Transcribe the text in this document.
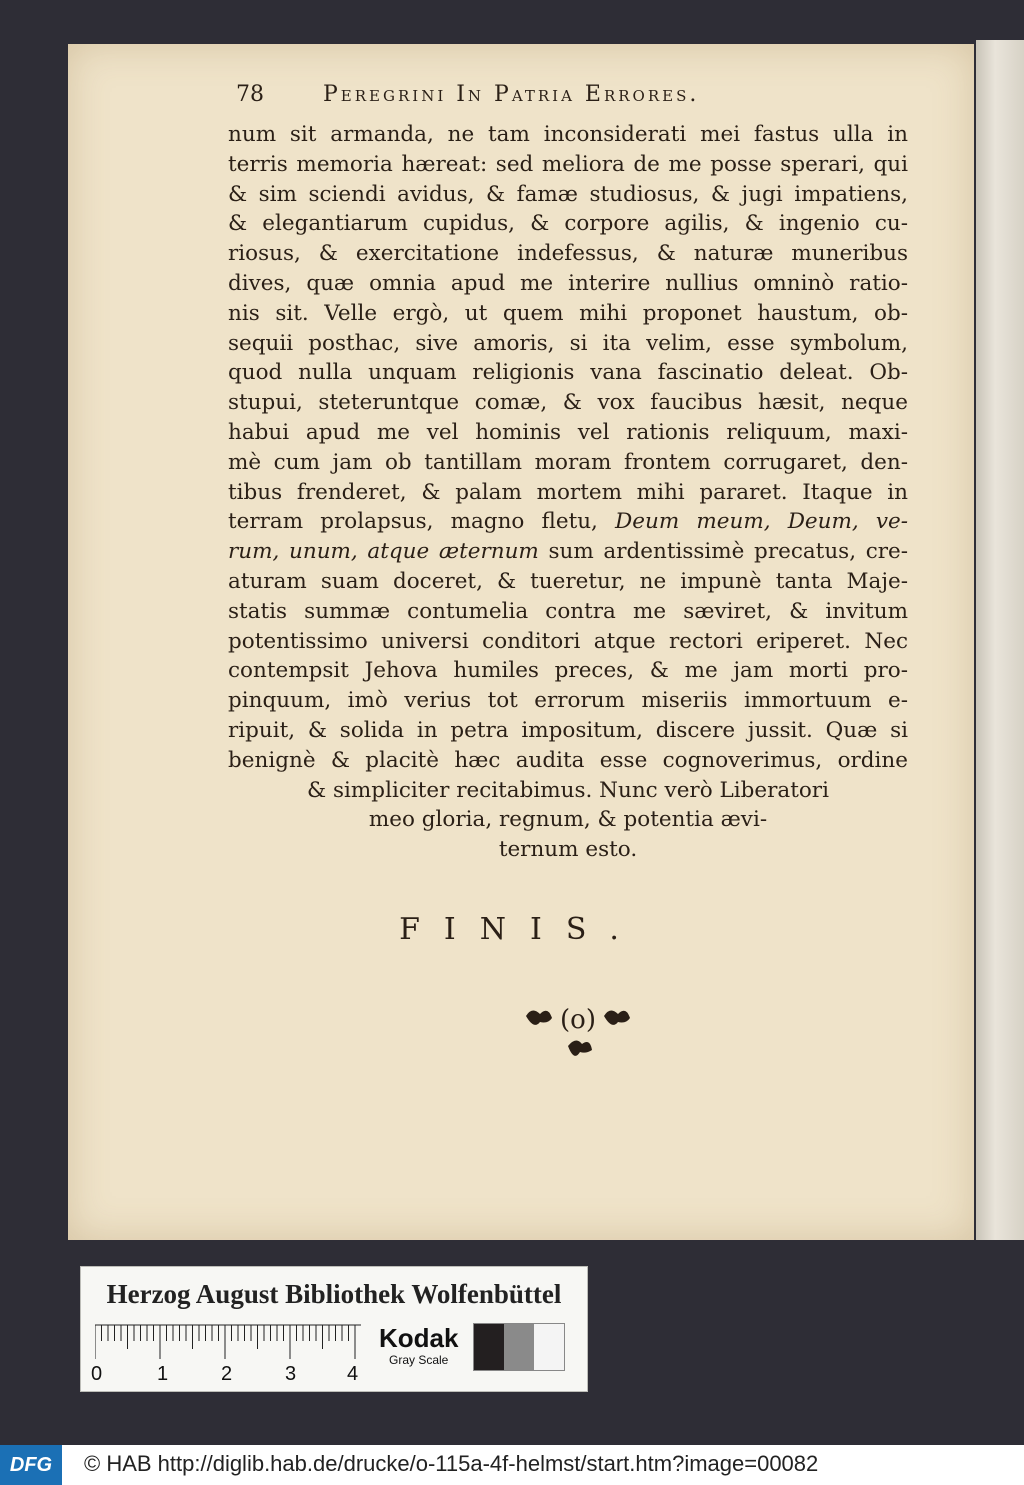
78	Peregrini In Patria Errores.
num sit armanda, ne tam inconsiderati mei fastus ulla in
terris memoria hæreat: sed meliora de me posse sperari, qui
& sim sciendi avidus, & famæ studiosus, & jugi impatiens,
& elegantiarum cupidus, & corpore agilis, & ingenio cu-
riosus, & exercitatione indefessus, & naturæ muneribus
dives, quæ omnia apud me interire nullius omninò ratio-
nis sit. Velle ergò, ut quem mihi proponet haustum, ob-
sequii posthac, sive amoris, si ita velim, esse symbolum,
quod nulla unquam religionis vana fascinatio deleat. Ob-
stupui, steteruntque comæ, & vox faucibus hæsit, neque
habui apud me vel hominis vel rationis reliquum, maxi-
mè cum jam ob tantillam moram frontem corrugaret, den-
tibus frenderet, & palam mortem mihi pararet. Itaque in
terram prolapsus, magno fletu, Deum meum, Deum, ve-
rum, unum, atque æternum sum ardentissimè precatus, cre-
aturam suam doceret, & tueretur, ne impunè tanta Maje-
statis summæ contumelia contra me sæviret, & invitum
potentissimo universi conditori atque rectori eriperet. Nec
contempsit Jehova humiles preces, & me jam morti pro-
pinquum, imò verius tot errorum miseriis immortuum e-
ripuit, & solida in petra impositum, discere jussit. Quæ si
benignè & placitè hæc audita esse cognoverimus, ordine
& simpliciter recitabimus. Nunc verò Liberatori
meo gloria, regnum, & potentia ævi-
ternum esto.
FINIS.
(o)
Herzog August Bibliothek Wolfenbüttel
0	1	2	3	4
Kodak
Gray Scale
DFG	© HAB http://diglib.hab.de/drucke/o-115a-4f-helmst/start.htm?image=00082
